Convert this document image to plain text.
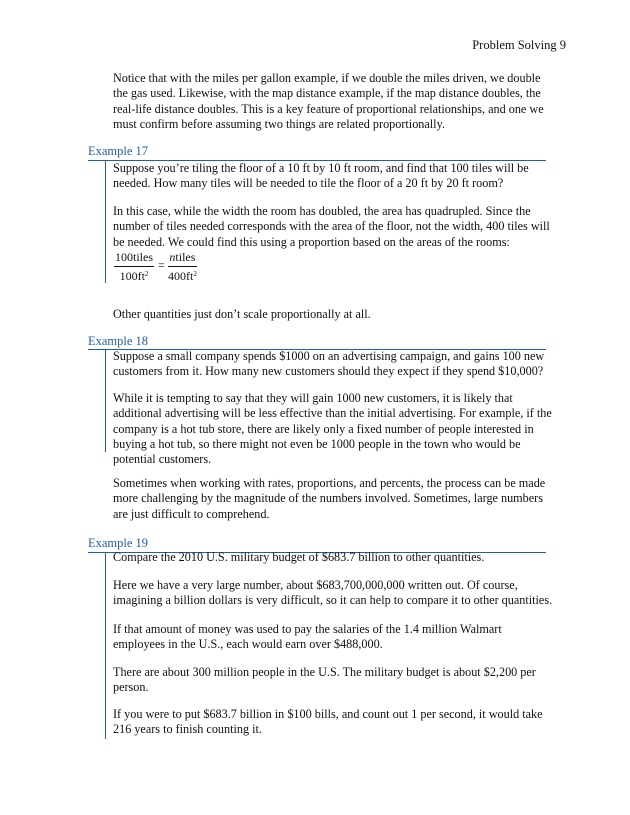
Problem Solving 9
Notice that with the miles per gallon example, if we double the miles driven, we double the gas used. Likewise, with the map distance example, if the map distance doubles, the real-life distance doubles. This is a key feature of proportional relationships, and one we must confirm before assuming two things are related proportionally.
Example 17
Suppose you’re tiling the floor of a 10 ft by 10 ft room, and find that 100 tiles will be needed. How many tiles will be needed to tile the floor of a 20 ft by 20 ft room?
In this case, while the width the room has doubled, the area has quadrupled. Since the number of tiles needed corresponds with the area of the floor, not the width, 400 tiles will be needed. We could find this using a proportion based on the areas of the rooms:
100tiles
$100ft^2$
=
ntiles
$400ft^2$
Other quantities just don’t scale proportionally at all.
Example 18
Suppose a small company spends $1000 on an advertising campaign, and gains 100 new customers from it. How many new customers should they expect if they spend $10,000?
While it is tempting to say that they will gain 1000 new customers, it is likely that additional advertising will be less effective than the initial advertising. For example, if the company is a hot tub store, there are likely only a fixed number of people interested in buying a hot tub, so there might not even be 1000 people in the town who would be potential customers.
Sometimes when working with rates, proportions, and percents, the process can be made more challenging by the magnitude of the numbers involved. Sometimes, large numbers are just difficult to comprehend.
Example 19
Compare the 2010 U.S. military budget of $683.7 billion to other quantities.
Here we have a very large number, about $683,700,000,000 written out. Of course, imagining a billion dollars is very difficult, so it can help to compare it to other quantities.
If that amount of money was used to pay the salaries of the 1.4 million Walmart employees in the U.S., each would earn over $488,000.
There are about 300 million people in the U.S. The military budget is about $2,200 per person.
If you were to put $683.7 billion in $100 bills, and count out 1 per second, it would take 216 years to finish counting it.
